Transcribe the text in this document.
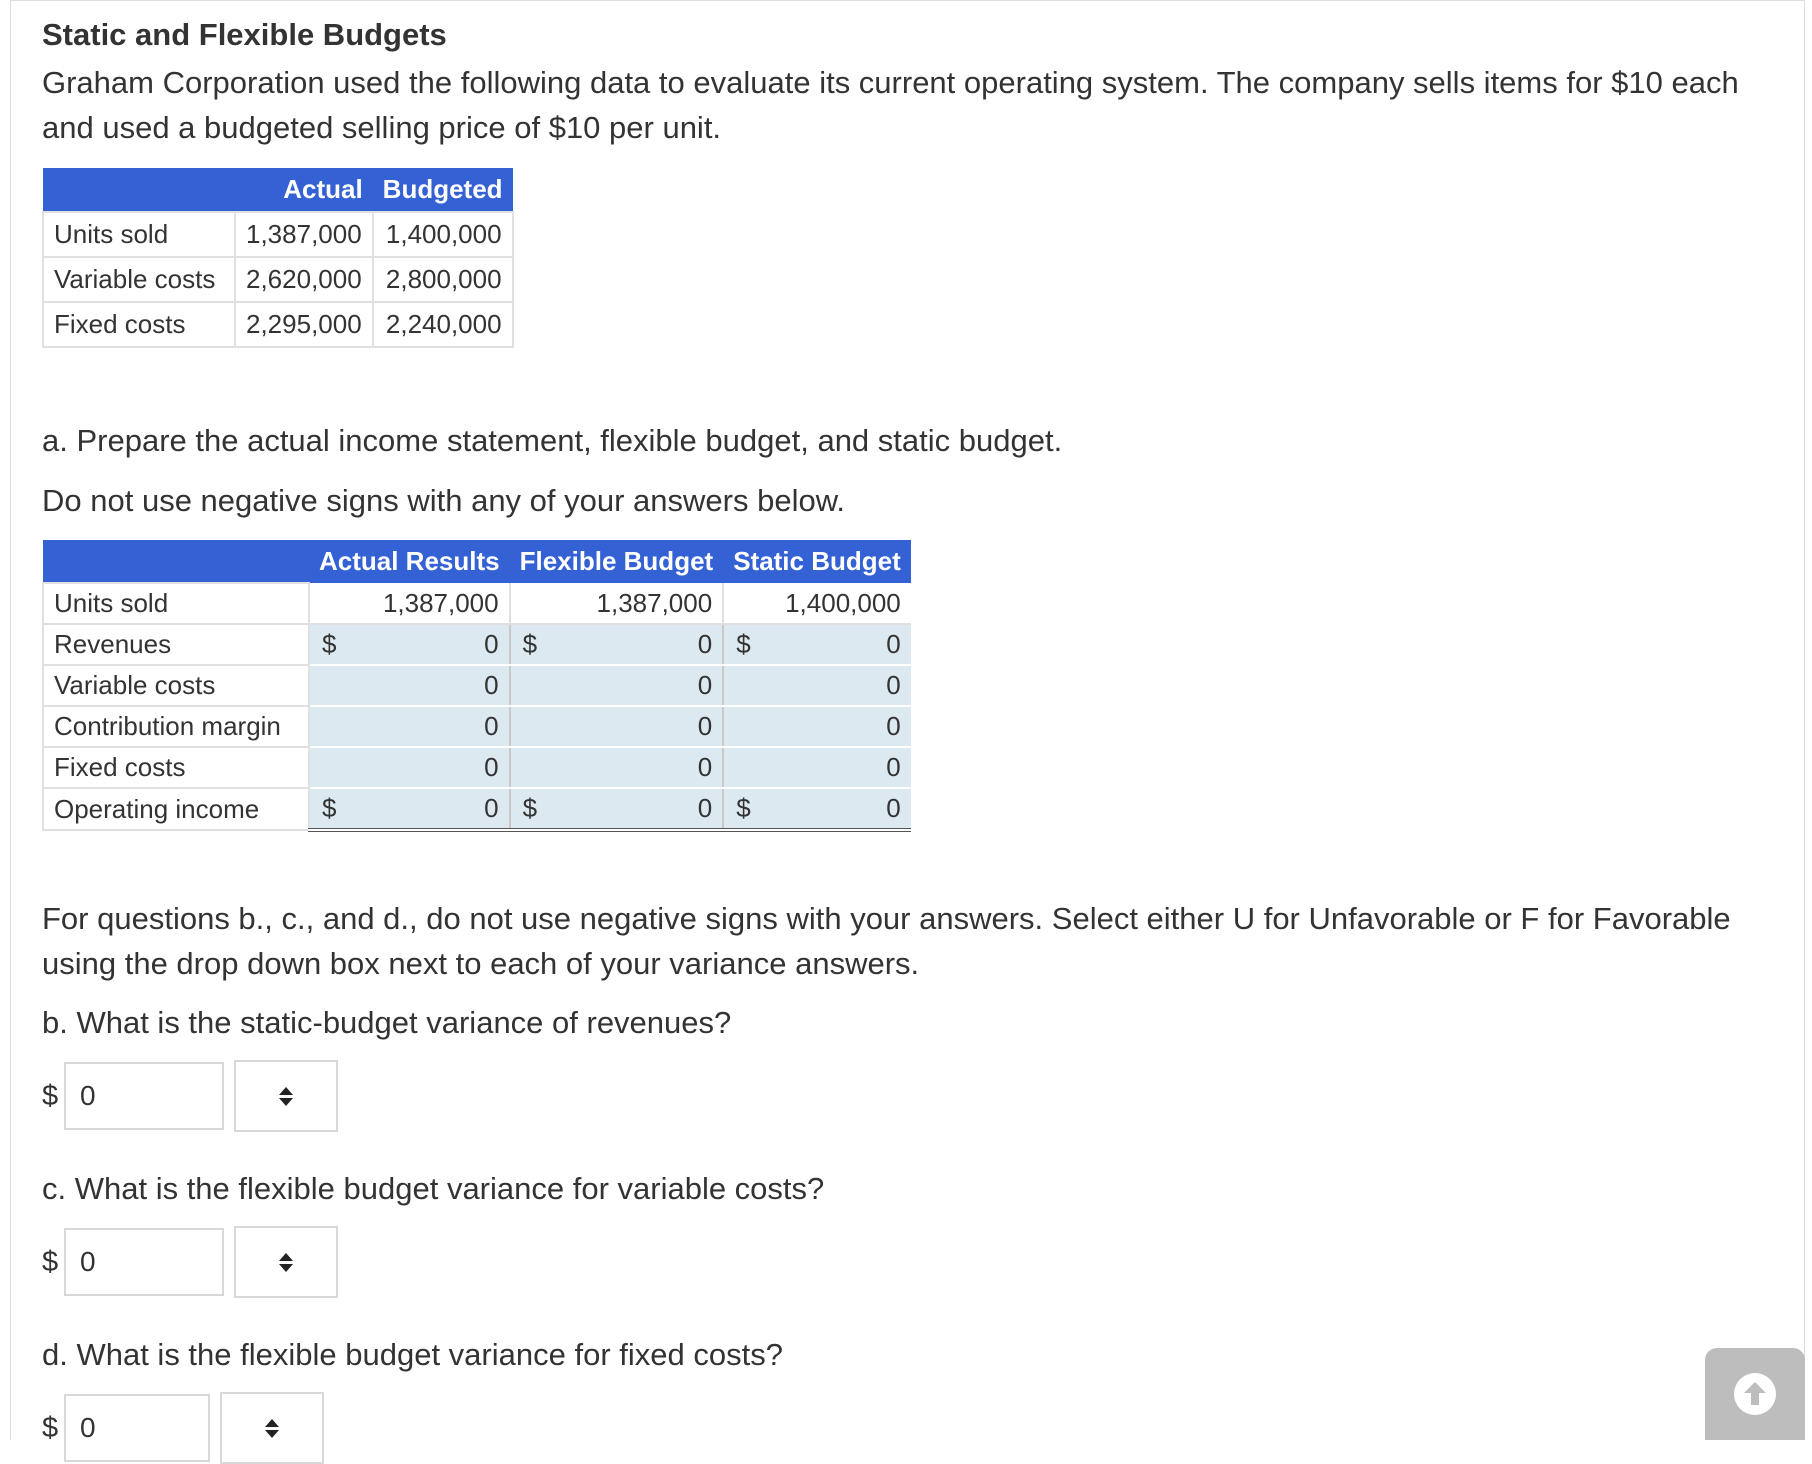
Static and Flexible Budgets

Graham Corporation used the following data to evaluate its current operating system. The company sells items for $10 each and used a budgeted selling price of $10 per unit.

	Actual	Budgeted
Units sold	1,387,000	1,400,000
Variable costs	2,620,000	2,800,000
Fixed costs	2,295,000	2,240,000

a. Prepare the actual income statement, flexible budget, and static budget.

Do not use negative signs with any of your answers below.

	Actual Results	Flexible Budget	Static Budget
Units sold	1,387,000	1,387,000	1,400,000
Revenues	$ 0	$ 0	$ 0
Variable costs	0	0	0
Contribution margin	0	0	0
Fixed costs	0	0	0
Operating income	$ 0	$ 0	$ 0

For questions b., c., and d., do not use negative signs with your answers. Select either U for Unfavorable or F for Favorable using the drop down box next to each of your variance answers.

b. What is the static-budget variance of revenues?

$ 0

c. What is the flexible budget variance for variable costs?

$ 0

d. What is the flexible budget variance for fixed costs?

$ 0
